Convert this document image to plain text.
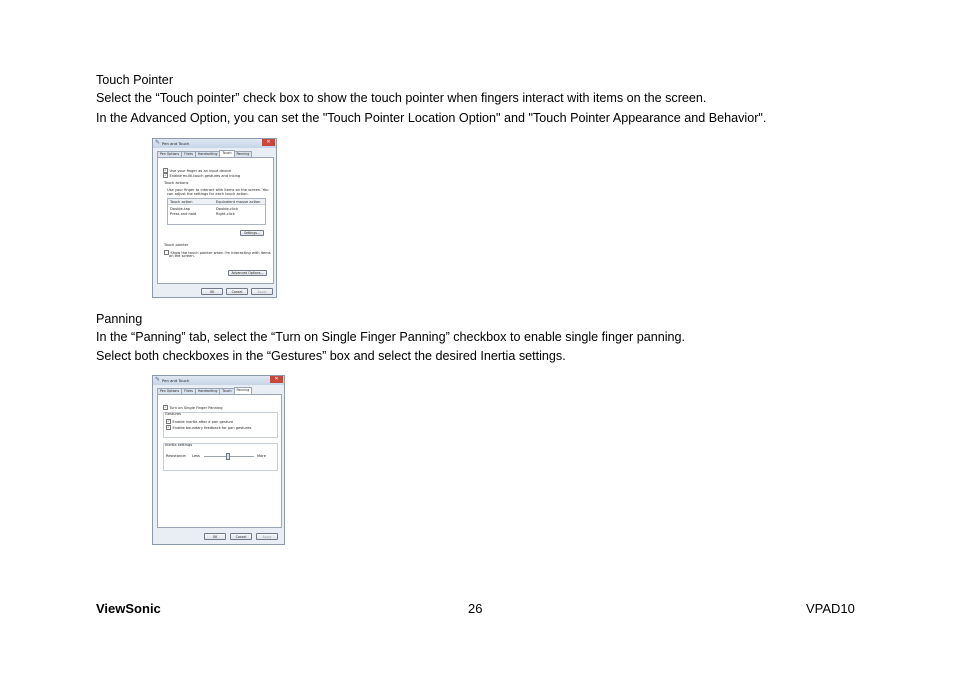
Touch Pointer
Select the “Touch pointer” check box to show the touch pointer when fingers interact with items on the screen.
In the Advanced Option, you can set the "Touch Pointer Location Option" and "Touch Pointer Appearance and Behavior".
✎ Pen and Touch	✕
Pen Options	Flicks	Handwriting	Touch	Panning
✓ Use your finger as an input device
✓ Enable multi-touch gestures and inking
Touch actions
Use your finger to interact with items on the screen. You
can adjust the settings for each touch action.
Touch action	Equivalent mouse action
Double-tap	Double-click
Press and hold	Right-click
Settings...
Touch pointer
Show the touch pointer when I'm interacting with items
on the screen.
Advanced Options...
OK	Cancel	Apply
Panning
In the “Panning” tab, select the “Turn on Single Finger Panning” checkbox to enable single finger panning.
Select both checkboxes in the “Gestures” box and select the desired Inertia settings.
✎ Pen and Touch	✕
Pen Options	Flicks	Handwriting	Touch	Panning
✓ Turn on Single Finger Panning
Gestures
✓ Enable inertia after a pan gesture
✓ Enable boundary feedback for pan gestures
Inertia settings
Resistance: Less	More
OK	Cancel	Apply
ViewSonic	26	VPAD10
